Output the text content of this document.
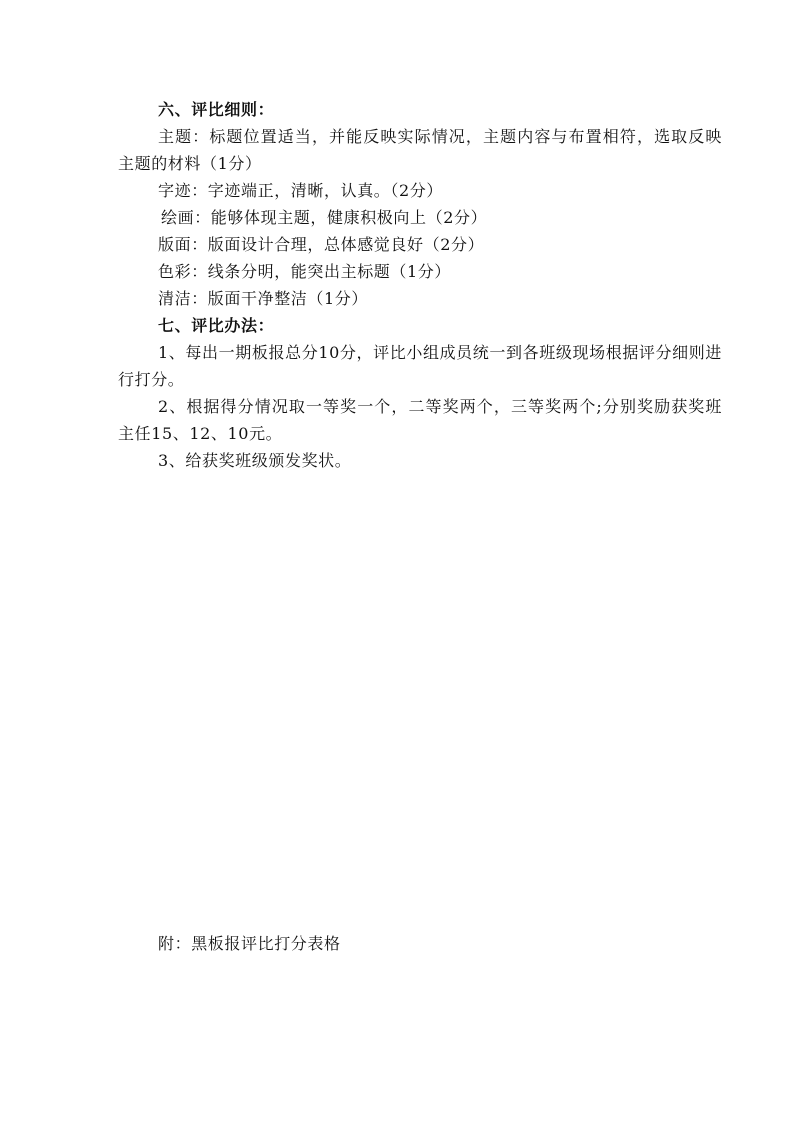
六、评比细则：

主题：标题位置适当，并能反映实际情况，主题内容与布置相符，选取反映主题的材料（1分）

字迹：字迹端正，清晰，认真。（2分）

绘画：能够体现主题，健康积极向上（2分）

版面：版面设计合理，总体感觉良好（2分）

色彩：线条分明，能突出主标题（1分）

清洁：版面干净整洁（1分）

七、评比办法：

1、每出一期板报总分10分，评比小组成员统一到各班级现场根据评分细则进行打分。

2、根据得分情况取一等奖一个，二等奖两个，三等奖两个;分别奖励获奖班主任15、12、10元。

3、给获奖班级颁发奖状。

附：黑板报评比打分表格
